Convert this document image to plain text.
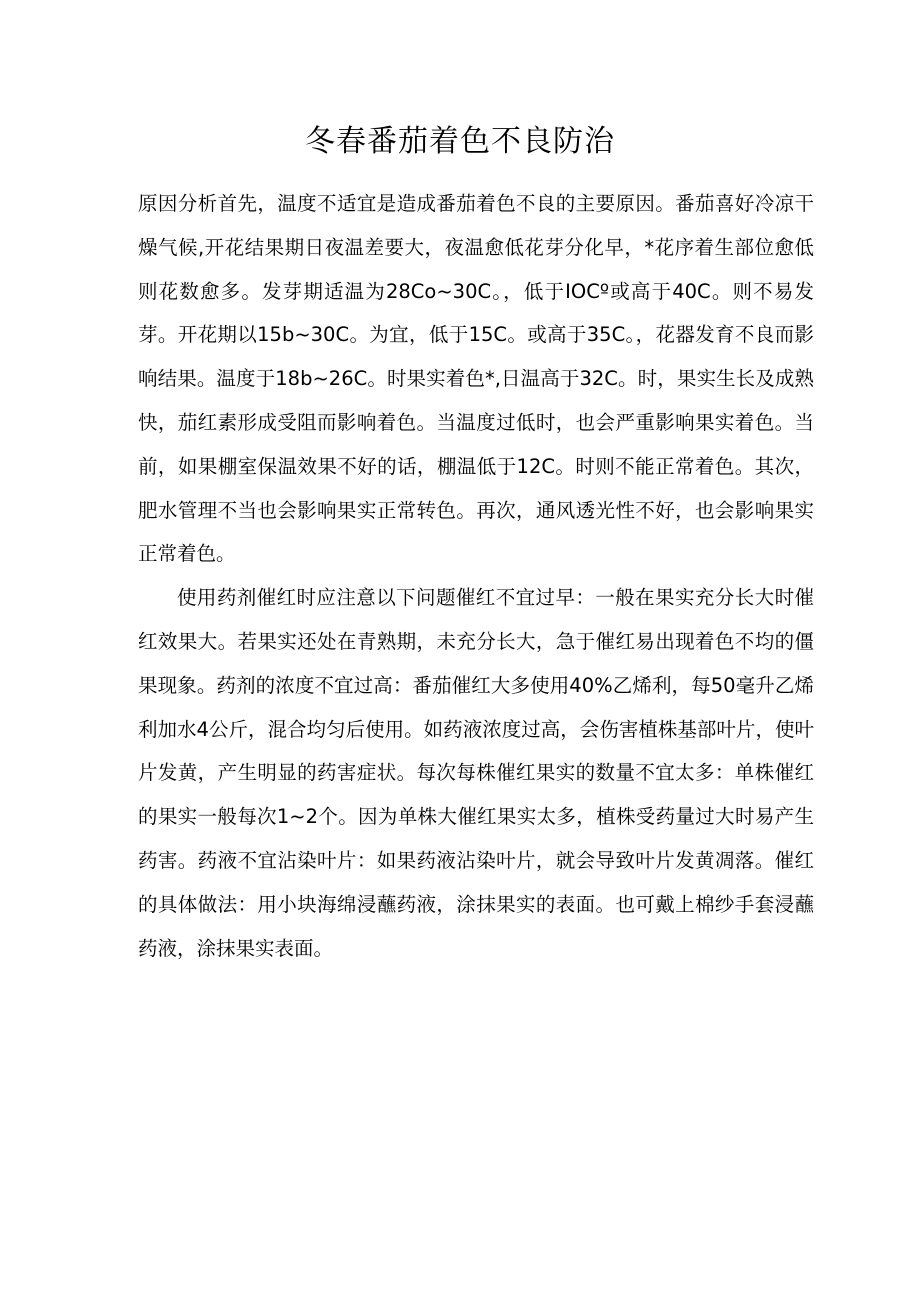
冬春番茄着色不良防治

原因分析首先，温度不适宜是造成番茄着色不良的主要原因。番茄喜好冷凉干燥气候,开花结果期日夜温差要大，夜温愈低花芽分化早，*花序着生部位愈低则花数愈多。发芽期适温为28Co~30C。，低于IOCº或高于40C。则不易发芽。开花期以15b~30C。为宜，低于15C。或高于35C。，花器发育不良而影响结果。温度于18b~26C。时果实着色*,日温高于32C。时，果实生长及成熟快，茄红素形成受阻而影响着色。当温度过低时，也会严重影响果实着色。当前，如果棚室保温效果不好的话，棚温低于12C。时则不能正常着色。其次，肥水管理不当也会影响果实正常转色。再次，通风透光性不好，也会影响果实正常着色。

使用药剂催红时应注意以下问题催红不宜过早：一般在果实充分长大时催红效果大。若果实还处在青熟期，未充分长大，急于催红易出现着色不均的僵果现象。药剂的浓度不宜过高：番茄催红大多使用40%乙烯利，每50毫升乙烯利加水4公斤，混合均匀后使用。如药液浓度过高，会伤害植株基部叶片，使叶片发黄，产生明显的药害症状。每次每株催红果实的数量不宜太多：单株催红的果实一般每次1~2个。因为单株大催红果实太多，植株受药量过大时易产生药害。药液不宜沾染叶片：如果药液沾染叶片，就会导致叶片发黄凋落。催红的具体做法：用小块海绵浸蘸药液，涂抹果实的表面。也可戴上棉纱手套浸蘸药液，涂抹果实表面。
